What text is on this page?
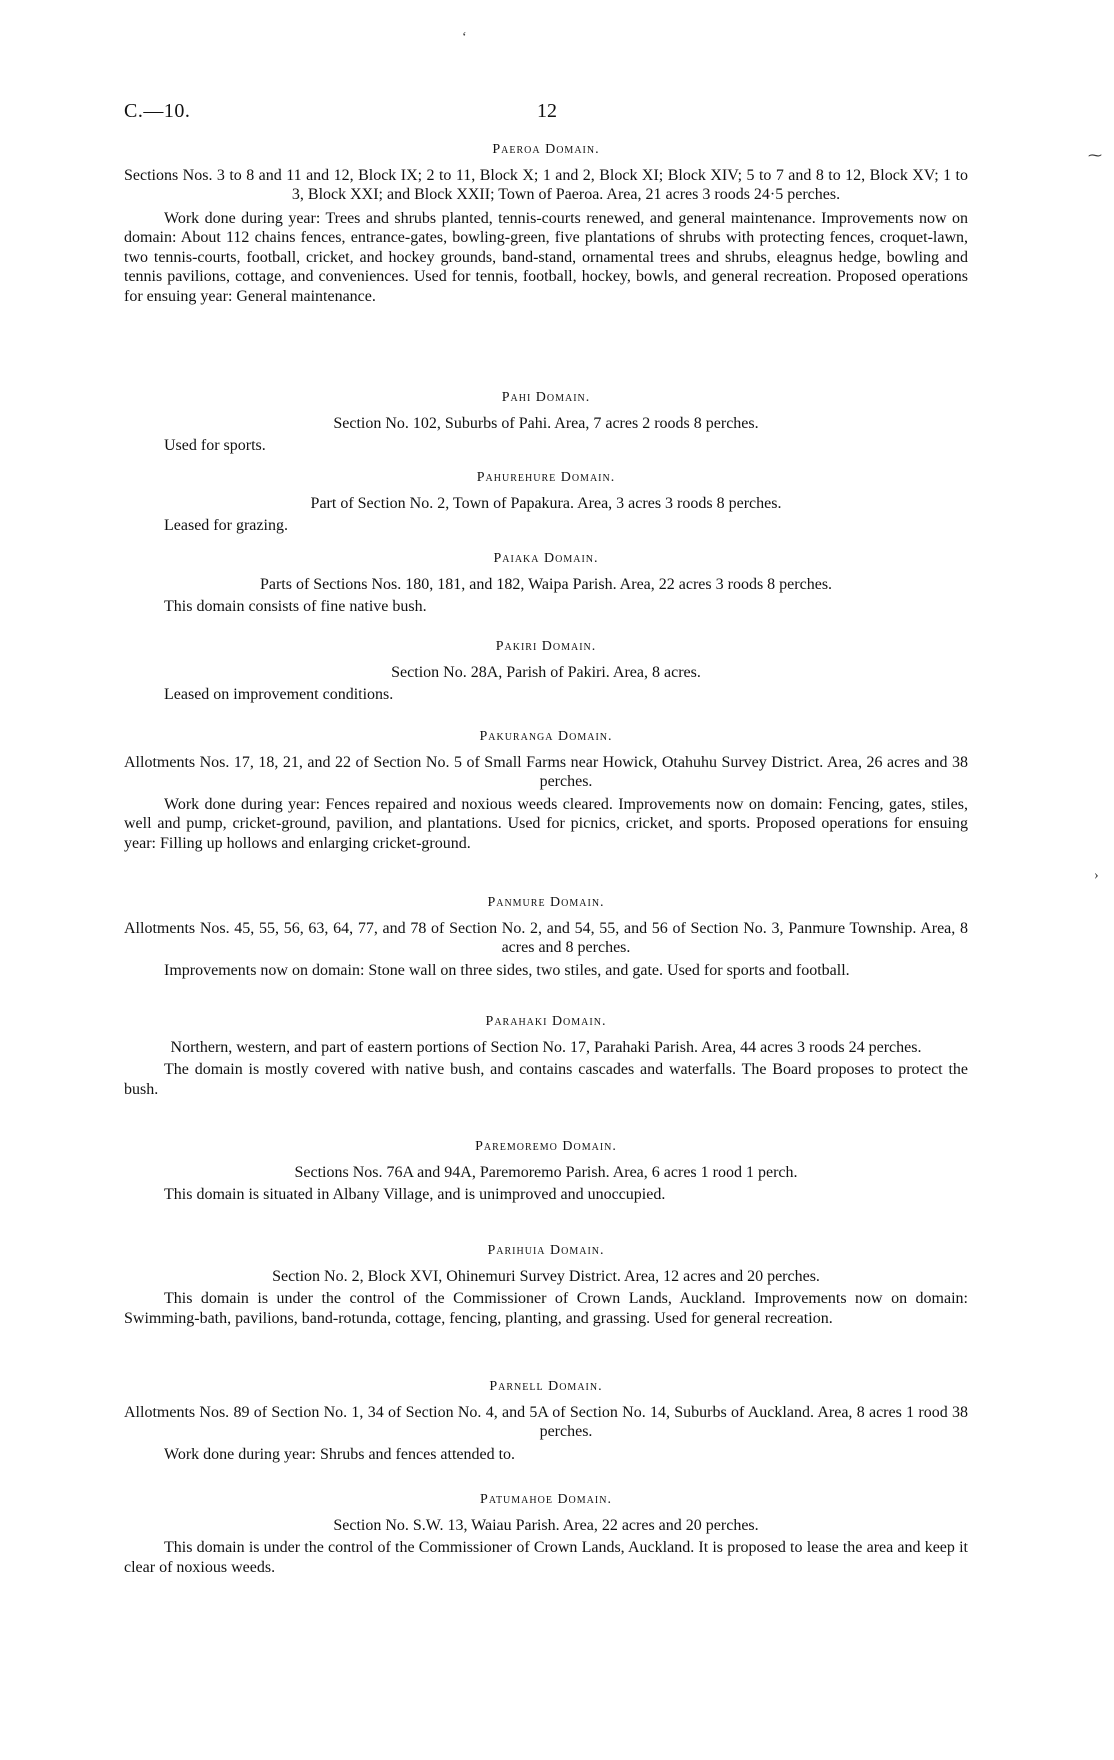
C.—10.	12
Paeroa Domain.

Sections Nos. 3 to 8 and 11 and 12, Block IX; 2 to 11, Block X; 1 and 2, Block XI; Block XIV; 5 to 7 and 8 to 12, Block XV; 1 to 3, Block XXI; and Block XXII; Town of Paeroa. Area, 21 acres 3 roods 24·5 perches.

Work done during year: Trees and shrubs planted, tennis-courts renewed, and general maintenance. Improvements now on domain: About 112 chains fences, entrance-gates, bowling-green, five plantations of shrubs with protecting fences, croquet-lawn, two tennis-courts, football, cricket, and hockey grounds, band-stand, ornamental trees and shrubs, eleagnus hedge, bowling and tennis pavilions, cottage, and conveniences. Used for tennis, football, hockey, bowls, and general recreation. Proposed operations for ensuing year: General maintenance.

Pahi Domain.

Section No. 102, Suburbs of Pahi. Area, 7 acres 2 roods 8 perches.

Used for sports.

Pahurehure Domain.

Part of Section No. 2, Town of Papakura. Area, 3 acres 3 roods 8 perches.

Leased for grazing.

Paiaka Domain.

Parts of Sections Nos. 180, 181, and 182, Waipa Parish. Area, 22 acres 3 roods 8 perches.

This domain consists of fine native bush.

Pakiri Domain.

Section No. 28A, Parish of Pakiri. Area, 8 acres.

Leased on improvement conditions.

Pakuranga Domain.

Allotments Nos. 17, 18, 21, and 22 of Section No. 5 of Small Farms near Howick, Otahuhu Survey District. Area, 26 acres and 38 perches.

Work done during year: Fences repaired and noxious weeds cleared. Improvements now on domain: Fencing, gates, stiles, well and pump, cricket-ground, pavilion, and plantations. Used for picnics, cricket, and sports. Proposed operations for ensuing year: Filling up hollows and enlarging cricket-ground.

Panmure Domain.

Allotments Nos. 45, 55, 56, 63, 64, 77, and 78 of Section No. 2, and 54, 55, and 56 of Section No. 3, Panmure Township. Area, 8 acres and 8 perches.

Improvements now on domain: Stone wall on three sides, two stiles, and gate. Used for sports and football.

Parahaki Domain.

Northern, western, and part of eastern portions of Section No. 17, Parahaki Parish. Area, 44 acres 3 roods 24 perches.

The domain is mostly covered with native bush, and contains cascades and waterfalls. The Board proposes to protect the bush.

Paremoremo Domain.

Sections Nos. 76A and 94A, Paremoremo Parish. Area, 6 acres 1 rood 1 perch.

This domain is situated in Albany Village, and is unimproved and unoccupied.

Parihuia Domain.

Section No. 2, Block XVI, Ohinemuri Survey District. Area, 12 acres and 20 perches.

This domain is under the control of the Commissioner of Crown Lands, Auckland. Improvements now on domain: Swimming-bath, pavilions, band-rotunda, cottage, fencing, planting, and grassing. Used for general recreation.

Parnell Domain.

Allotments Nos. 89 of Section No. 1, 34 of Section No. 4, and 5A of Section No. 14, Suburbs of Auckland. Area, 8 acres 1 rood 38 perches.

Work done during year: Shrubs and fences attended to.

Patumahoe Domain.

Section No. S.W. 13, Waiau Parish. Area, 22 acres and 20 perches.

This domain is under the control of the Commissioner of Crown Lands, Auckland. It is proposed to lease the area and keep it clear of noxious weeds.

‘
⁓
›
